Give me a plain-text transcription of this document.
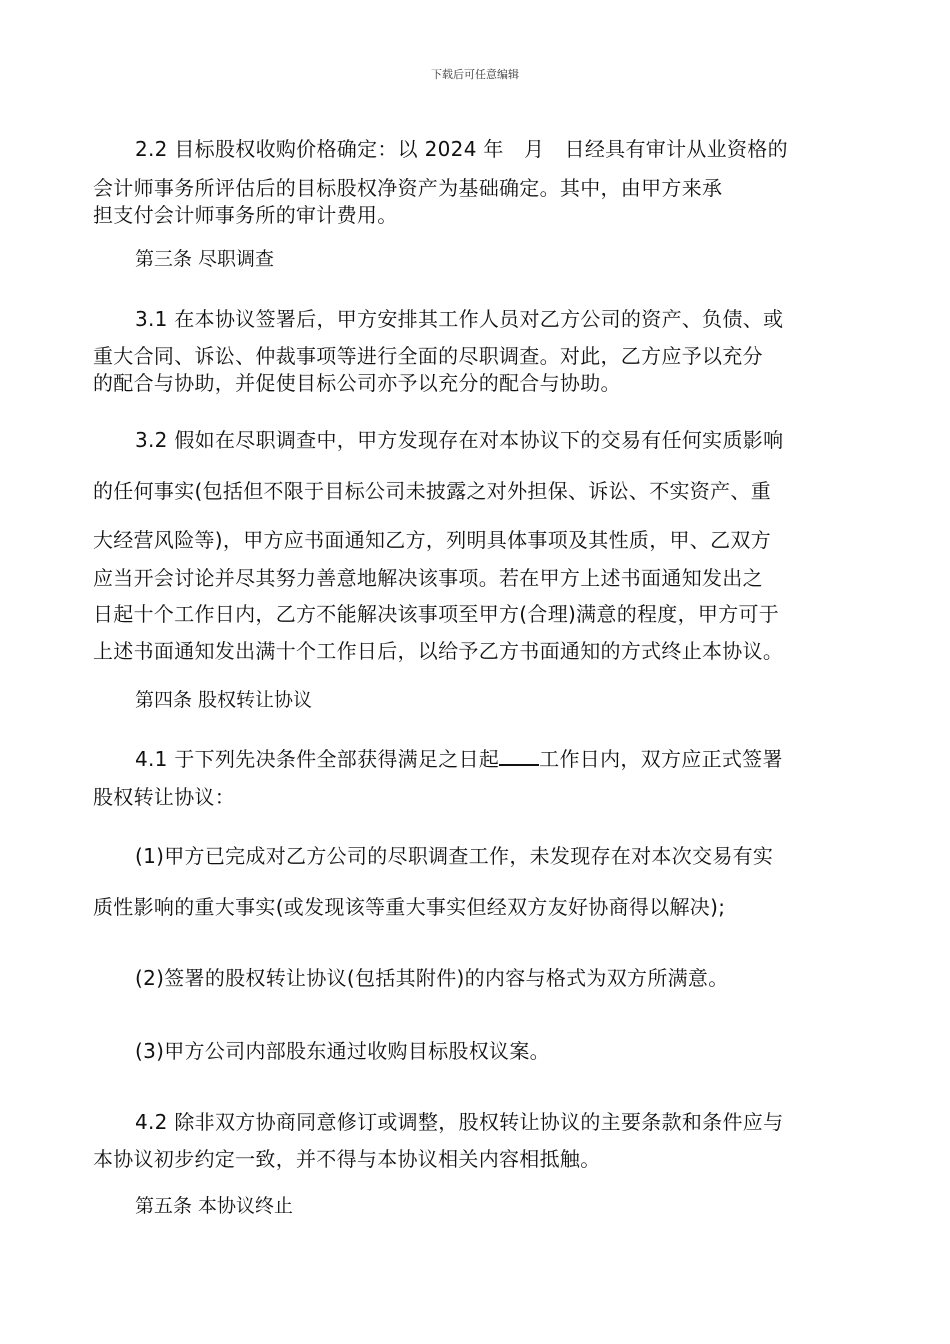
下载后可任意编辑
2.2 目标股权收购价格确定：以 2024 年　月　日经具有审计从业资格的
会计师事务所评估后的目标股权净资产为基础确定。其中，由甲方来承
担支付会计师事务所的审计费用。
第三条 尽职调查
3.1 在本协议签署后，甲方安排其工作人员对乙方公司的资产、负债、或
重大合同、诉讼、仲裁事项等进行全面的尽职调查。对此，乙方应予以充分
的配合与协助，并促使目标公司亦予以充分的配合与协助。
3.2 假如在尽职调查中，甲方发现存在对本协议下的交易有任何实质影响
的任何事实(包括但不限于目标公司未披露之对外担保、诉讼、不实资产、重
大经营风险等)，甲方应书面通知乙方，列明具体事项及其性质，甲、乙双方
应当开会讨论并尽其努力善意地解决该事项。若在甲方上述书面通知发出之
日起十个工作日内，乙方不能解决该事项至甲方(合理)满意的程度，甲方可于
上述书面通知发出满十个工作日后，以给予乙方书面通知的方式终止本协议。
第四条 股权转让协议
4.1 于下列先决条件全部获得满足之日起 工作日内，双方应正式签署
股权转让协议：
(1)甲方已完成对乙方公司的尽职调查工作，未发现存在对本次交易有实
质性影响的重大事实(或发现该等重大事实但经双方友好协商得以解决);
(2)签署的股权转让协议(包括其附件)的内容与格式为双方所满意。
(3)甲方公司内部股东通过收购目标股权议案。
4.2 除非双方协商同意修订或调整，股权转让协议的主要条款和条件应与
本协议初步约定一致，并不得与本协议相关内容相抵触。
第五条 本协议终止
